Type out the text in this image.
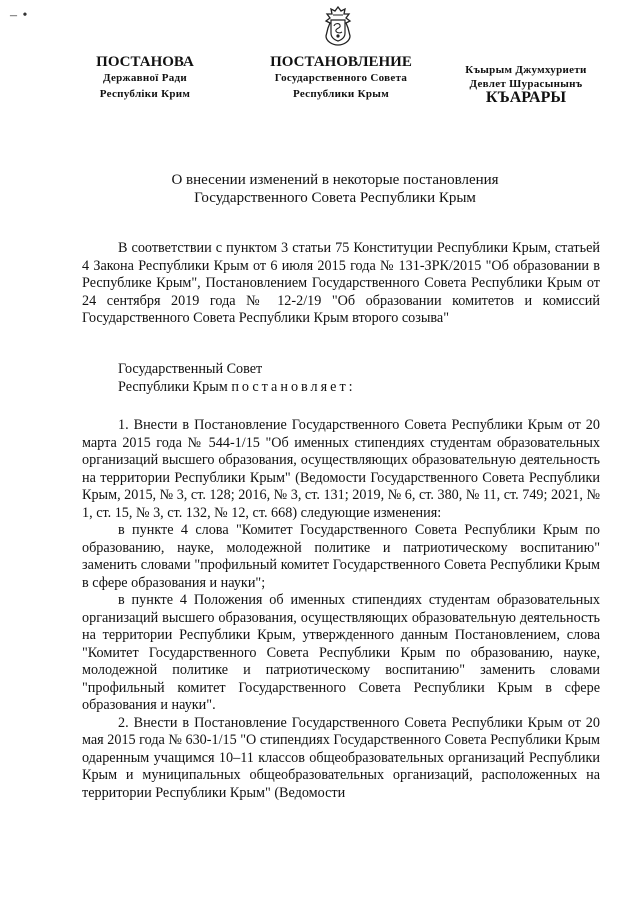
– •
ПОСТАНОВА
Державної Ради
Республіки Крим
ПОСТАНОВЛЕНИЕ
Государственного Совета
Республики Крым
Къырым Джумхуриети
Девлет Шурасынынъ
КЪАРАРЫ
О внесении изменений в некоторые постановления
Государственного Совета Республики Крым

В соответствии с пунктом 3 статьи 75 Конституции Республики Крым, статьей 4 Закона Республики Крым от 6 июля 2015 года № 131-ЗРК/2015 "Об образовании в Республике Крым", Постановлением Государственного Совета Республики Крым от 24 сентября 2019 года № 12-2/19 "Об образовании комитетов и комиссий Государственного Совета Республики Крым второго созыва"

Государственный Совет
Республики Крым постановляет:

1. Внести в Постановление Государственного Совета Республики Крым от 20 марта 2015 года № 544-1/15 "Об именных стипендиях студентам образовательных организаций высшего образования, осуществляющих образовательную деятельность на территории Республики Крым" (Ведомости Государственного Совета Республики Крым, 2015, № 3, ст. 128; 2016, № 3, ст. 131; 2019, № 6, ст. 380, № 11, ст. 749; 2021, № 1, ст. 15, № 3, ст. 132, № 12, ст. 668) следующие изменения:

в пункте 4 слова "Комитет Государственного Совета Республики Крым по образованию, науке, молодежной политике и патриотическому воспитанию" заменить словами "профильный комитет Государственного Совета Республики Крым в сфере образования и науки";

в пункте 4 Положения об именных стипендиях студентам образовательных организаций высшего образования, осуществляющих образовательную деятельность на территории Республики Крым, утвержденного данным Постановлением, слова "Комитет Государственного Совета Республики Крым по образованию, науке, молодежной политике и патриотическому воспитанию" заменить словами "профильный комитет Государственного Совета Республики Крым в сфере образования и науки".

2. Внести в Постановление Государственного Совета Республики Крым от 20 мая 2015 года № 630-1/15 "О стипендиях Государственного Совета Республики Крым одаренным учащимся 10–11 классов общеобразовательных организаций Республики Крым и муниципальных общеобразовательных организаций, расположенных на территории Республики Крым" (Ведомости
